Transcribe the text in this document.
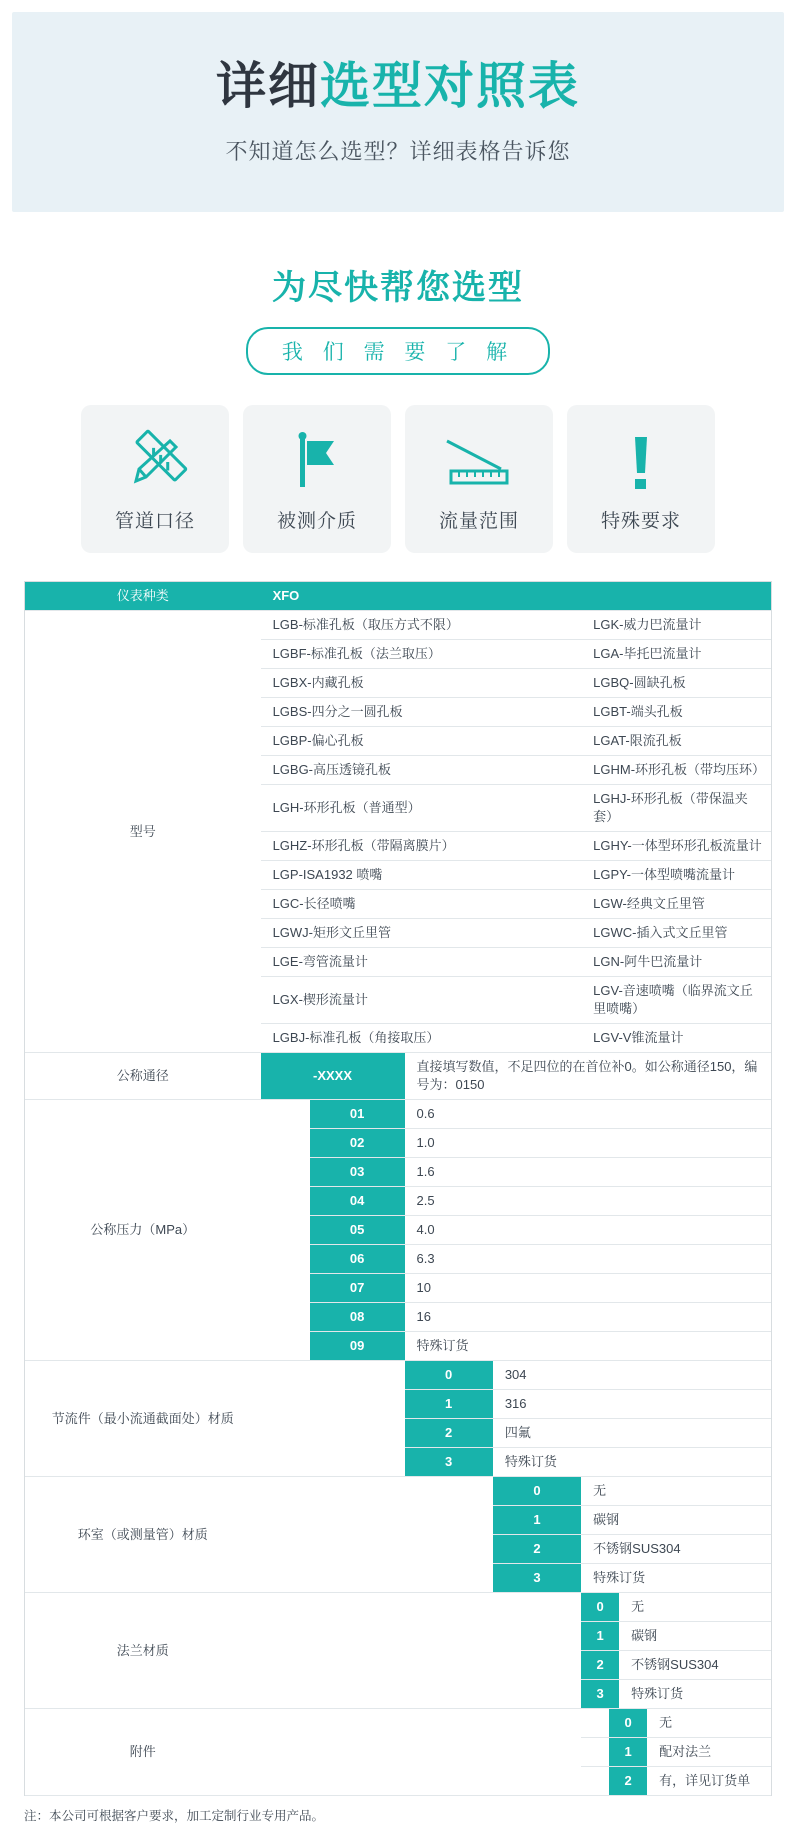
详细选型对照表
不知道怎么选型？详细表格告诉您
为尽快帮您选型
我 们 需 要 了 解
管道口径	被测介质	流量范围	特殊要求
仪表种类	XFO				
型号	LGB-标准孔板（取压方式不限）				LGK-威力巴流量计
	LGBF-标准孔板（法兰取压）				LGA-毕托巴流量计
	LGBX-内藏孔板				LGBQ-圆缺孔板
	LGBS-四分之一圆孔板				LGBT-端头孔板
	LGBP-偏心孔板				LGAT-限流孔板
	LGBG-高压透镜孔板				LGHM-环形孔板（带均压环）
	LGH-环形孔板（普通型）				LGHJ-环形孔板（带保温夹套）
	LGHZ-环形孔板（带隔离膜片）				LGHY-一体型环形孔板流量计
	LGP-ISA1932 喷嘴				LGPY-一体型喷嘴流量计
	LGC-长径喷嘴				LGW-经典文丘里管
	LGWJ-矩形文丘里管				LGWC-插入式文丘里管
	LGE-弯管流量计				LGN-阿牛巴流量计
	LGX-楔形流量计				LGV-音速喷嘴（临界流文丘里喷嘴）
	LGBJ-标准孔板（角接取压）				LGV-V锥流量计
公称通径	-XXXX		直接填写数值，不足四位的在首位补0。如公称通径150，编号为：0150		
公称压力（MPa）		01	0.6		
		02	1.0		
		03	1.6		
		04	2.5		
		05	4.0		
		06	6.3		
		07	10		
		08	16		
		09	特殊订货		
节流件（最小流通截面处）材质			0	304	
			1	316	
			2	四氟	
			3	特殊订货	
环室（或测量管）材质				0	无
				1	碳钢
				2	不锈钢SUS304
				3	特殊订货
法兰材质					0 无

					1 碳钢

					2 不锈钢SUS304

					3 特殊订货

附件					0 无

					1 配对法兰

					2 有，详见订货单
注：本公司可根据客户要求，加工定制行业专用产品。
